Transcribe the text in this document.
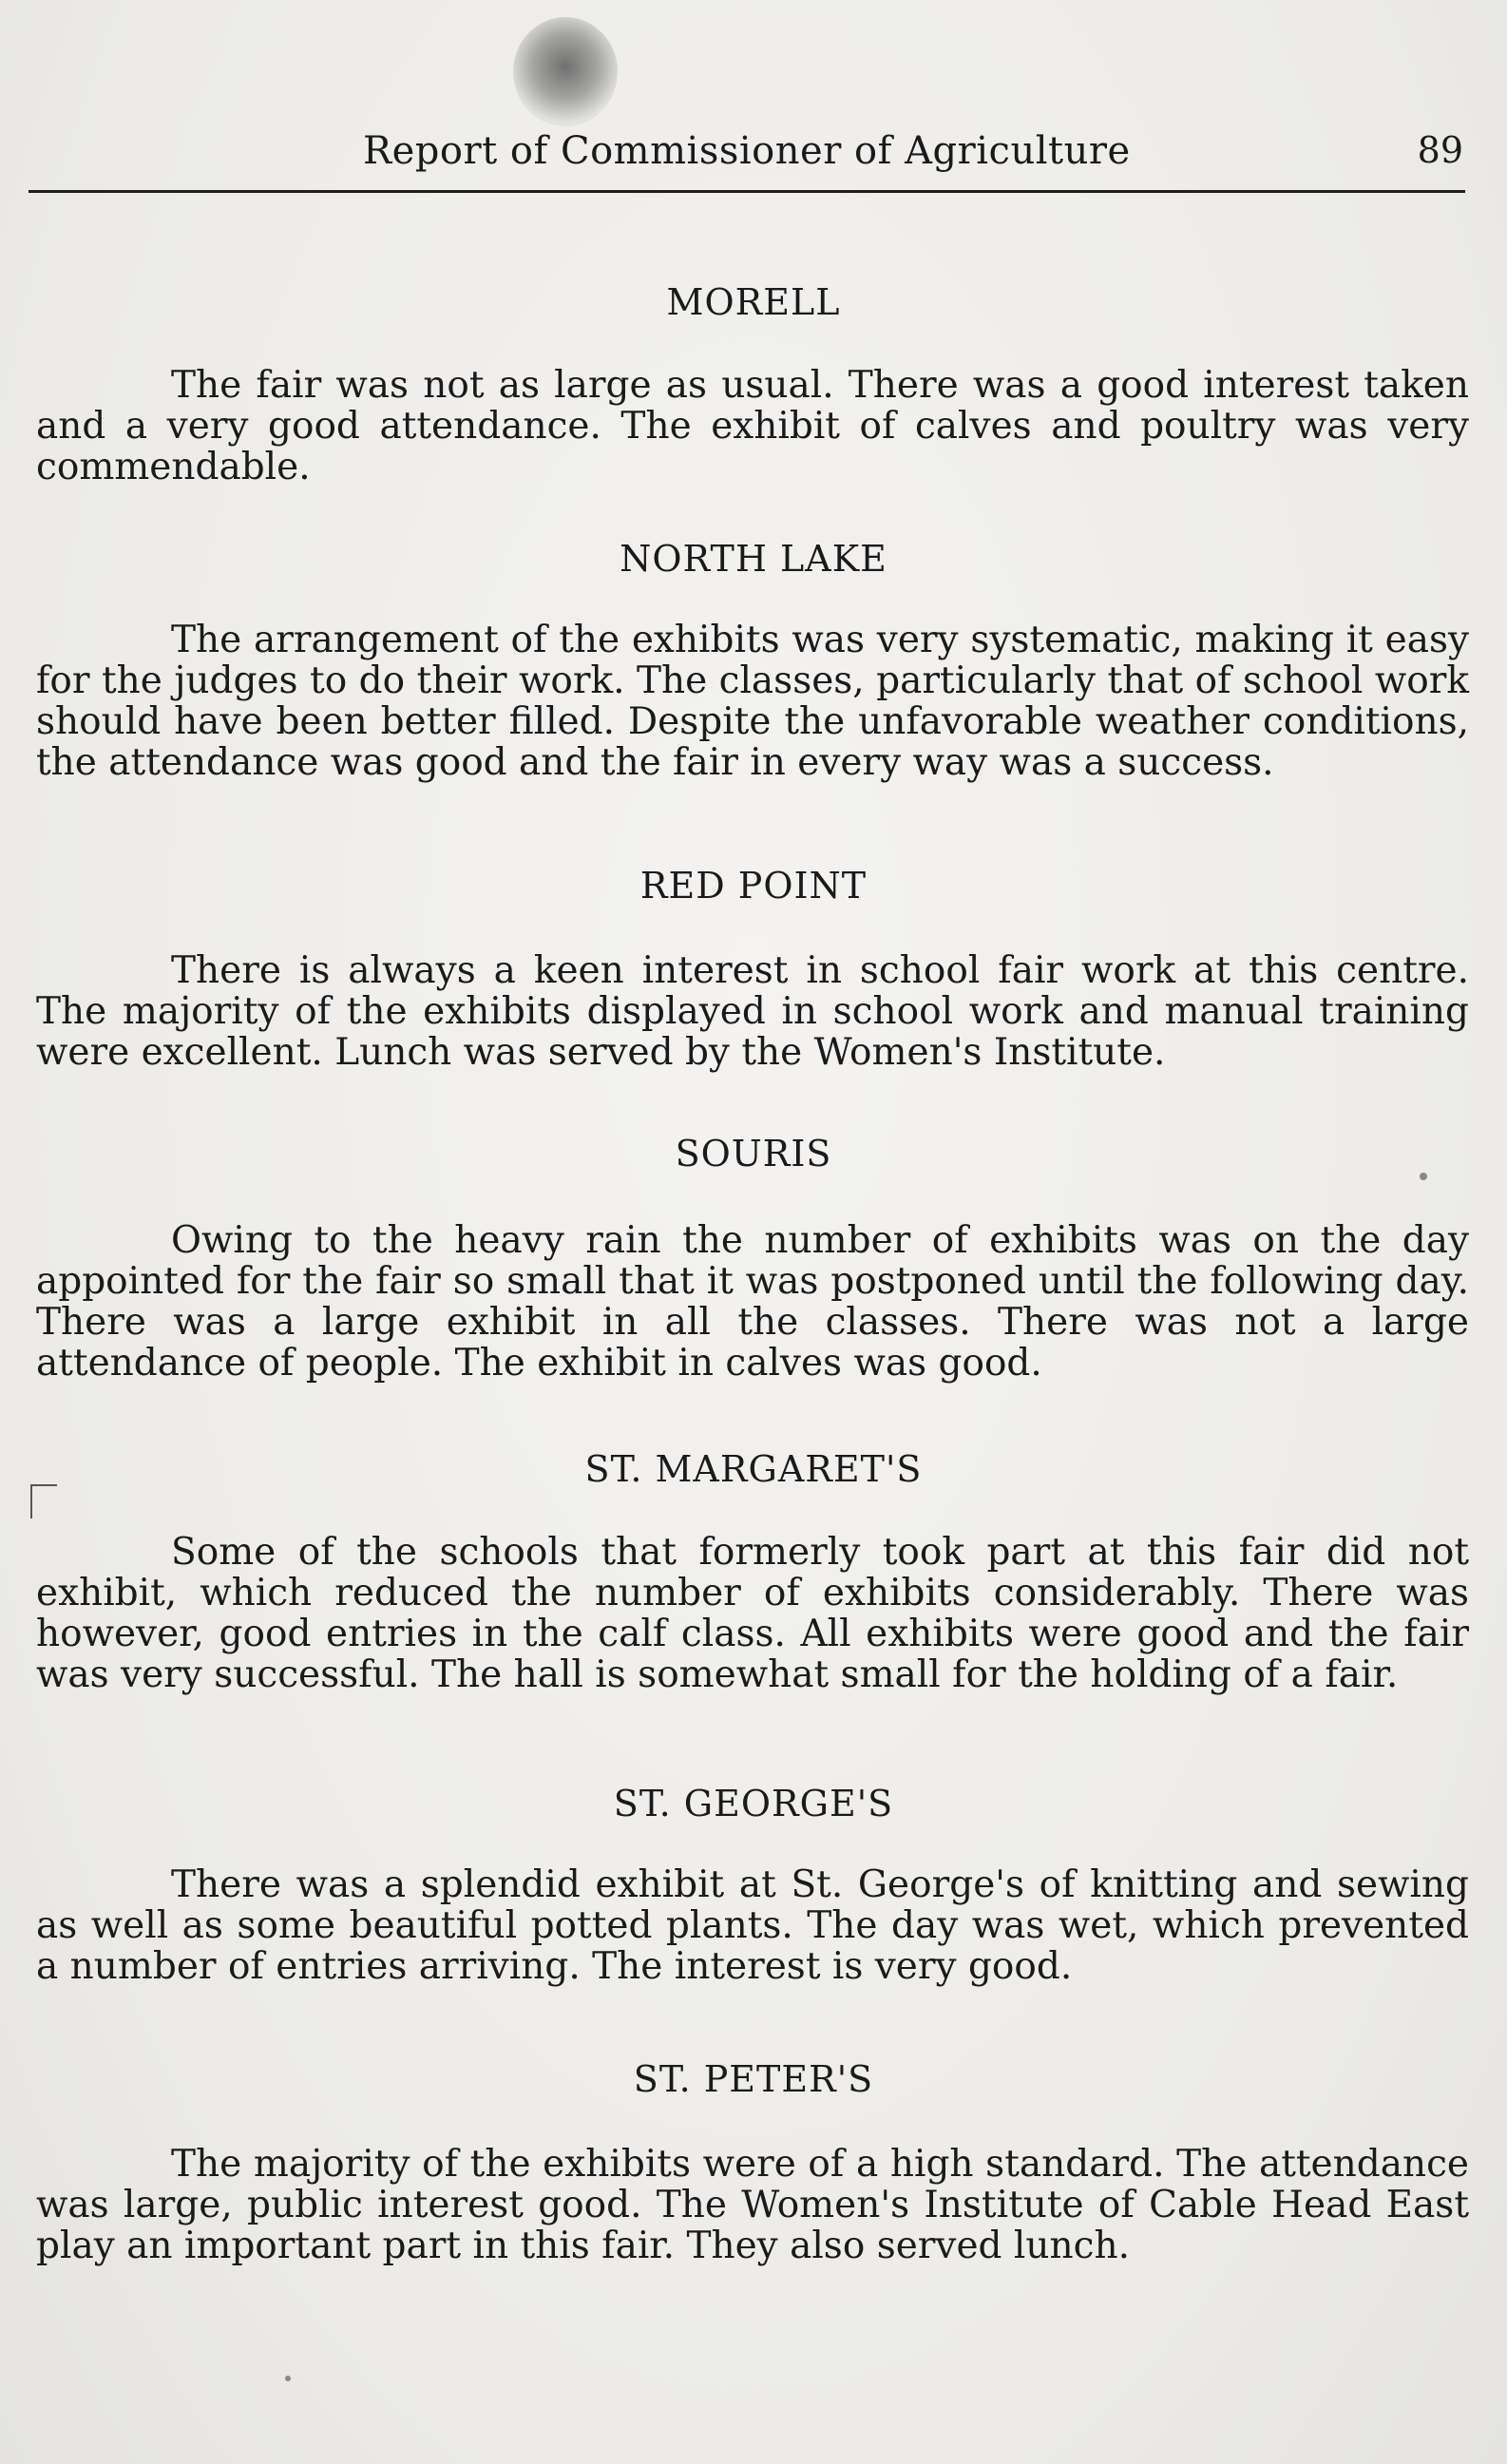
Report of Commissioner of Agriculture	89
MORELL

The fair was not as large as usual. There was a good interest taken and a very good attendance. The exhibit of calves and poultry was very commendable.

NORTH LAKE

The arrangement of the exhibits was very systematic, making it easy for the judges to do their work. The classes, particularly that of school work should have been better filled. Despite the unfavorable weather conditions, the attendance was good and the fair in every way was a success.

RED POINT

There is always a keen interest in school fair work at this centre. The majority of the exhibits displayed in school work and manual training were excellent. Lunch was served by the Women's Institute.

SOURIS

Owing to the heavy rain the number of exhibits was on the day appointed for the fair so small that it was postponed until the following day. There was a large exhibit in all the classes. There was not a large attendance of people. The exhibit in calves was good.

ST. MARGARET'S

Some of the schools that formerly took part at this fair did not exhibit, which reduced the number of exhibits considerably. There was however, good entries in the calf class. All exhibits were good and the fair was very successful. The hall is somewhat small for the holding of a fair.

ST. GEORGE'S

There was a splendid exhibit at St. George's of knitting and sewing as well as some beautiful potted plants. The day was wet, which prevented a number of entries arriving. The interest is very good.

ST. PETER'S

The majority of the exhibits were of a high standard. The attendance was large, public interest good. The Women's Institute of Cable Head East play an important part in this fair. They also served lunch.
